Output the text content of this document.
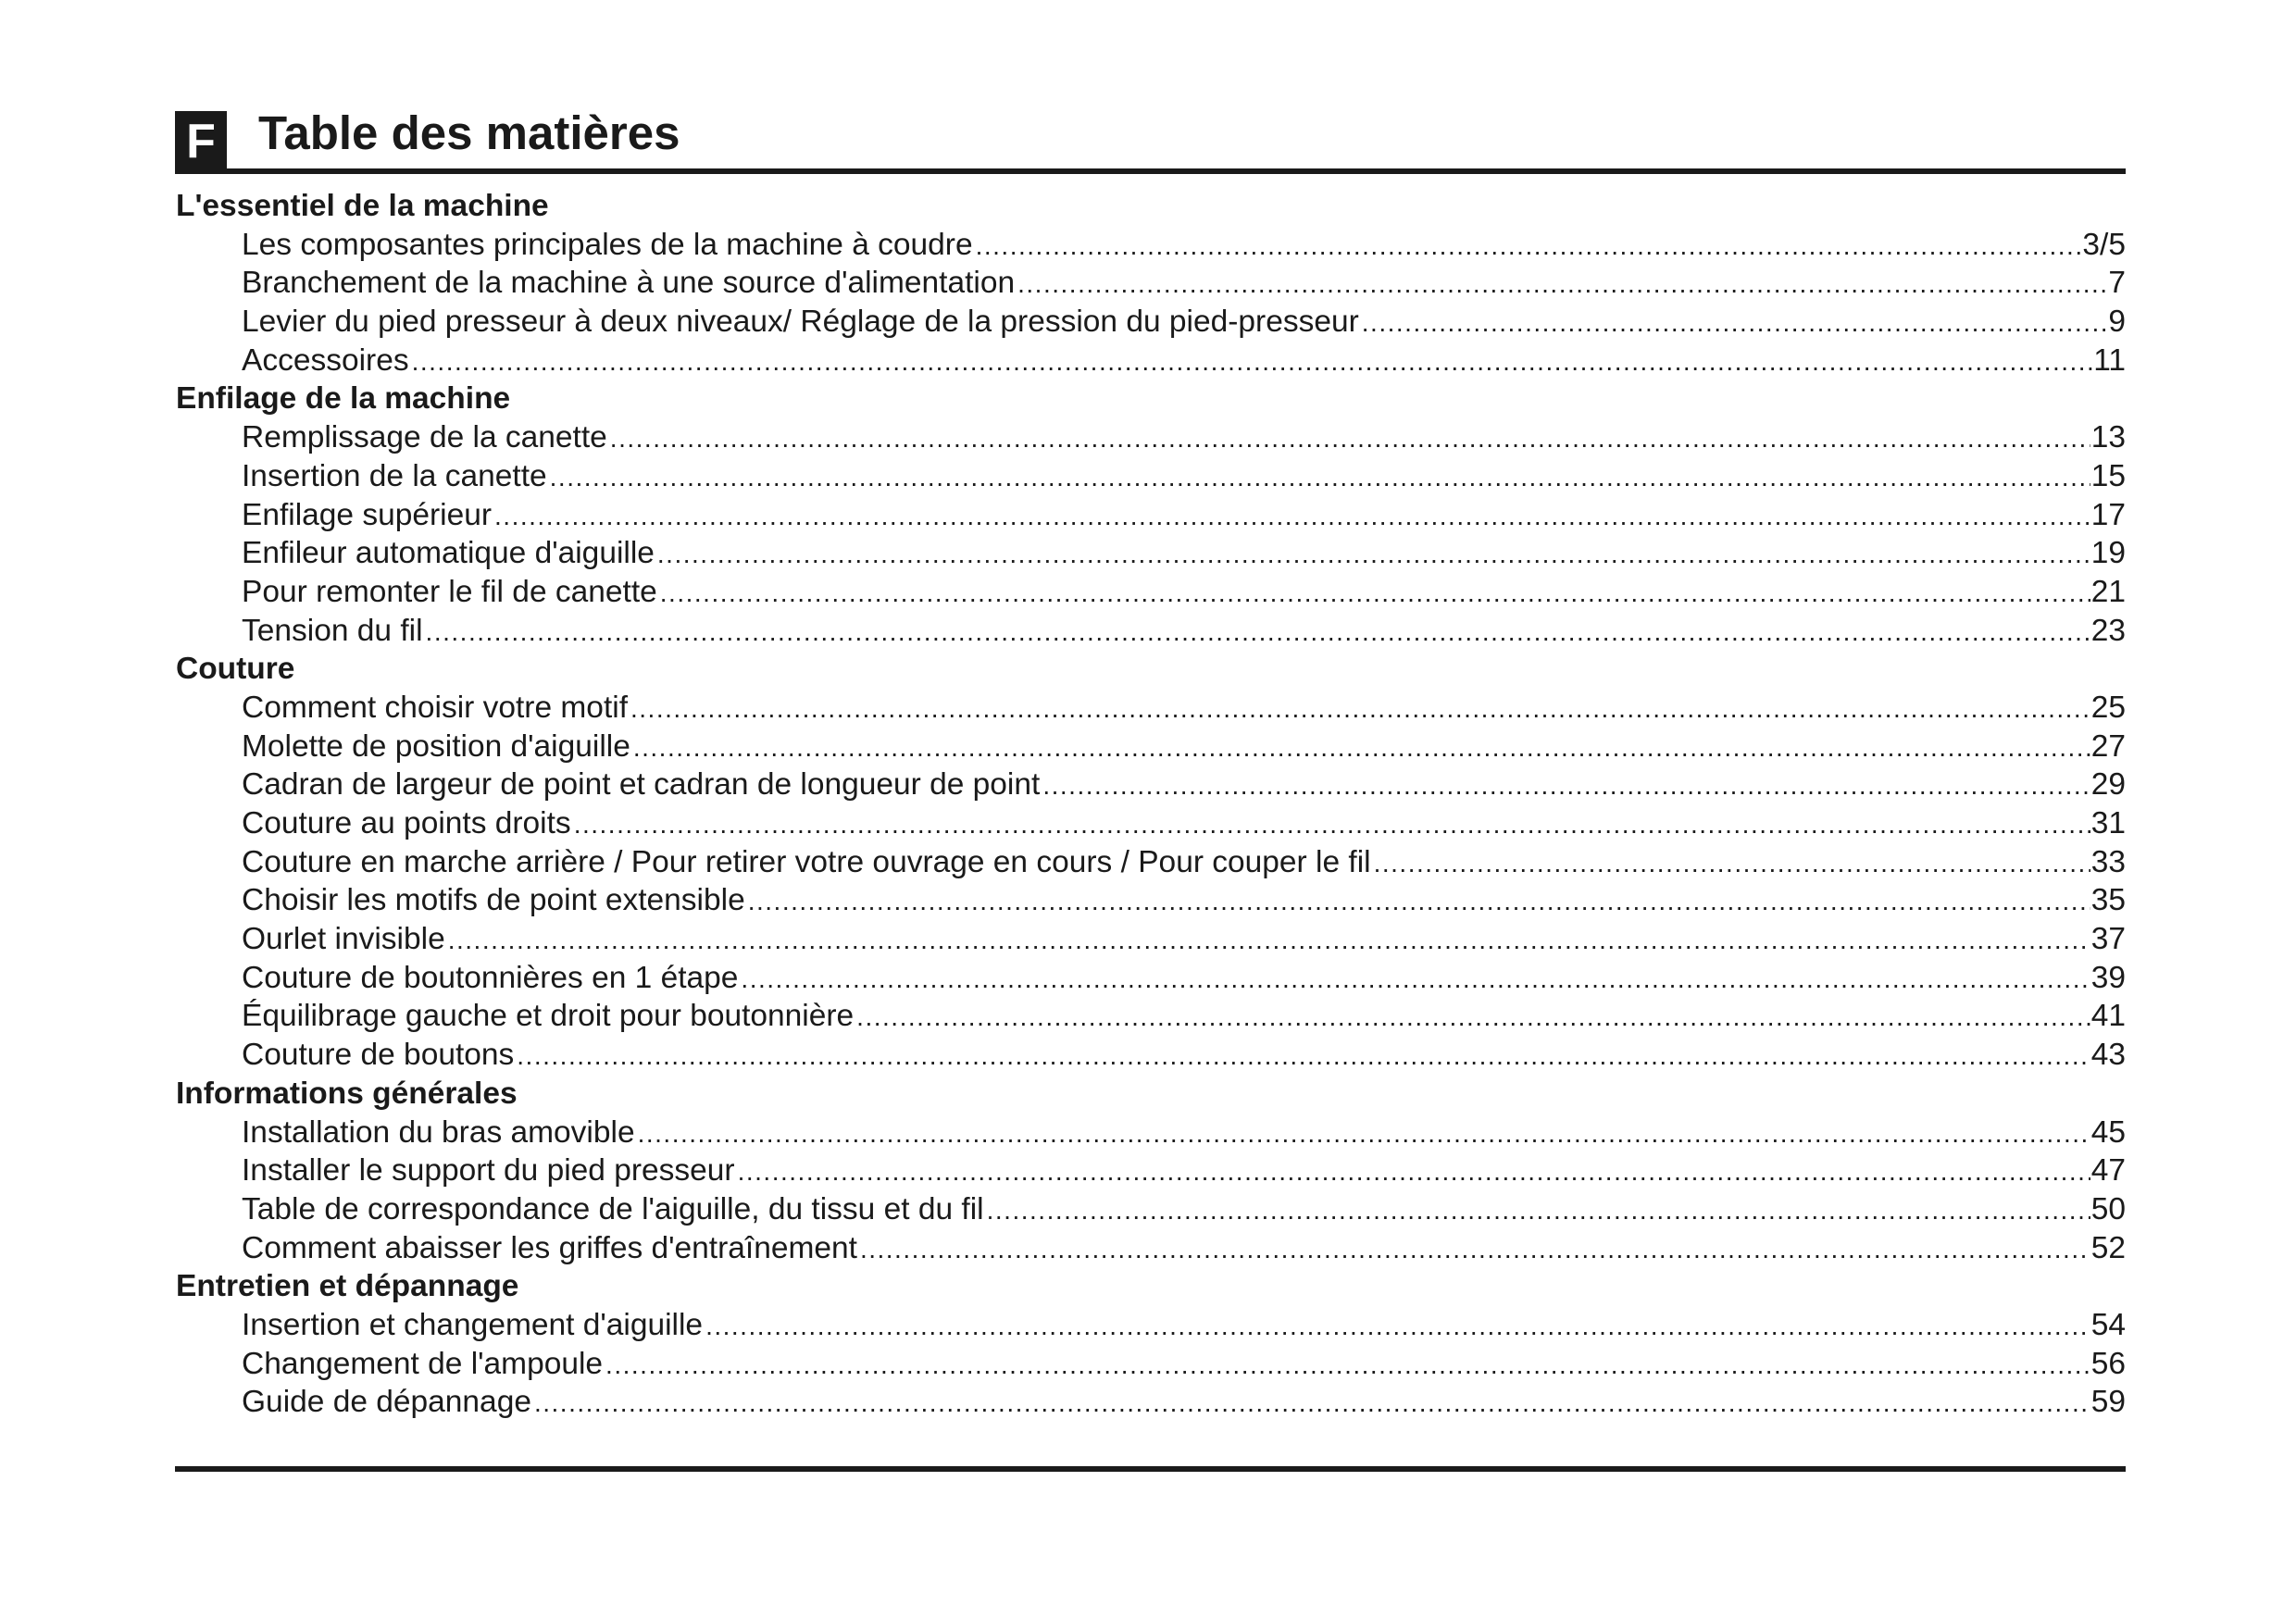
F Table des matières
L'essentiel de la machine
Les composantes principales de la machine à coudre .....	3/5
Branchement de la machine à une source d'alimentation .....	7
Levier du pied presseur à deux niveaux/ Réglage de la pression du pied-presseur .....	9
Accessoires .....	11
Enfilage de la machine
Remplissage de la canette .....	13
Insertion de la canette .....	15
Enfilage supérieur .....	17
Enfileur automatique d'aiguille .....	19
Pour remonter le fil de canette .....	21
Tension du fil .....	23
Couture
Comment choisir votre motif .....	25
Molette de position d'aiguille .....	27
Cadran de largeur de point et cadran de longueur de point .....	29
Couture au points droits .....	31
Couture en marche arrière / Pour retirer votre ouvrage en cours / Pour couper le fil .....	33
Choisir les motifs de point extensible .....	35
Ourlet invisible .....	37
Couture de boutonnières en 1 étape .....	39
Équilibrage gauche et droit pour boutonnière .....	41
Couture de boutons .....	43
Informations générales
Installation du bras amovible .....	45
Installer le support du pied presseur .....	47
Table de correspondance de l'aiguille, du tissu et du fil .....	50
Comment abaisser les griffes d'entraînement .....	52
Entretien et dépannage
Insertion et changement d'aiguille .....	54
Changement de l'ampoule .....	56
Guide de dépannage .....	59
